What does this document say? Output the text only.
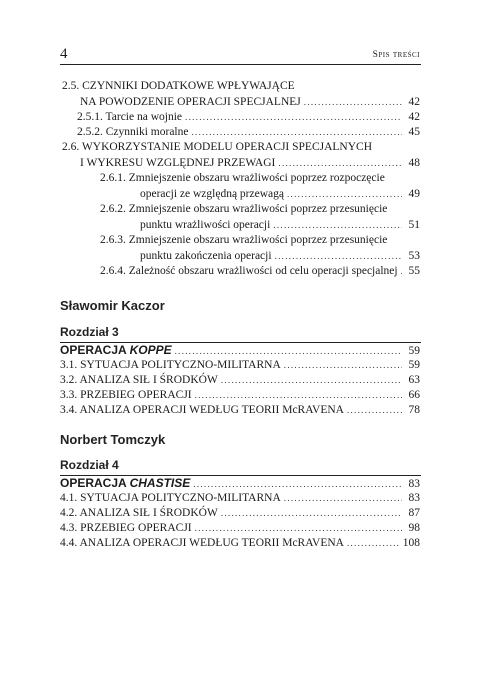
4	Spis treści
2.5. CZYNNIKI DODATKOWE WPŁYWAJĄCE
NA POWODZENIE OPERACJI SPECJALNEJ .....	42
2.5.1. Tarcie na wojnie .....	42
2.5.2. Czynniki moralne .....	45
2.6. WYKORZYSTANIE MODELU OPERACJI SPECJALNYCH
I WYKRESU WZGLĘDNEJ PRZEWAGI .....	48
2.6.1. Zmniejszenie obszaru wrażliwości poprzez rozpoczęcie
operacji ze względną przewagą .....	49
2.6.2. Zmniejszenie obszaru wrażliwości poprzez przesunięcie
punktu wrażliwości operacji .....	51
2.6.3. Zmniejszenie obszaru wrażliwości poprzez przesunięcie
punktu zakończenia operacji .....	53
2.6.4. Zależność obszaru wrażliwości od celu operacji specjalnej ..... 55
Sławomir Kaczor
Rozdział 3
OPERACJA KOPPE .....	59
3.1. SYTUACJA POLITYCZNO-MILITARNA .....	59
3.2. ANALIZA SIŁ I ŚRODKÓW .....	63
3.3. PRZEBIEG OPERACJI .....	66
3.4. ANALIZA OPERACJI WEDŁUG TEORII McRAVENA .....	78
Norbert Tomczyk
Rozdział 4
OPERACJA CHASTISE .....	83
4.1. SYTUACJA POLITYCZNO-MILITARNA .....	83
4.2. ANALIZA SIŁ I ŚRODKÓW .....	87
4.3. PRZEBIEG OPERACJI .....	98
4.4. ANALIZA OPERACJI WEDŁUG TEORII McRAVENA .....	108
